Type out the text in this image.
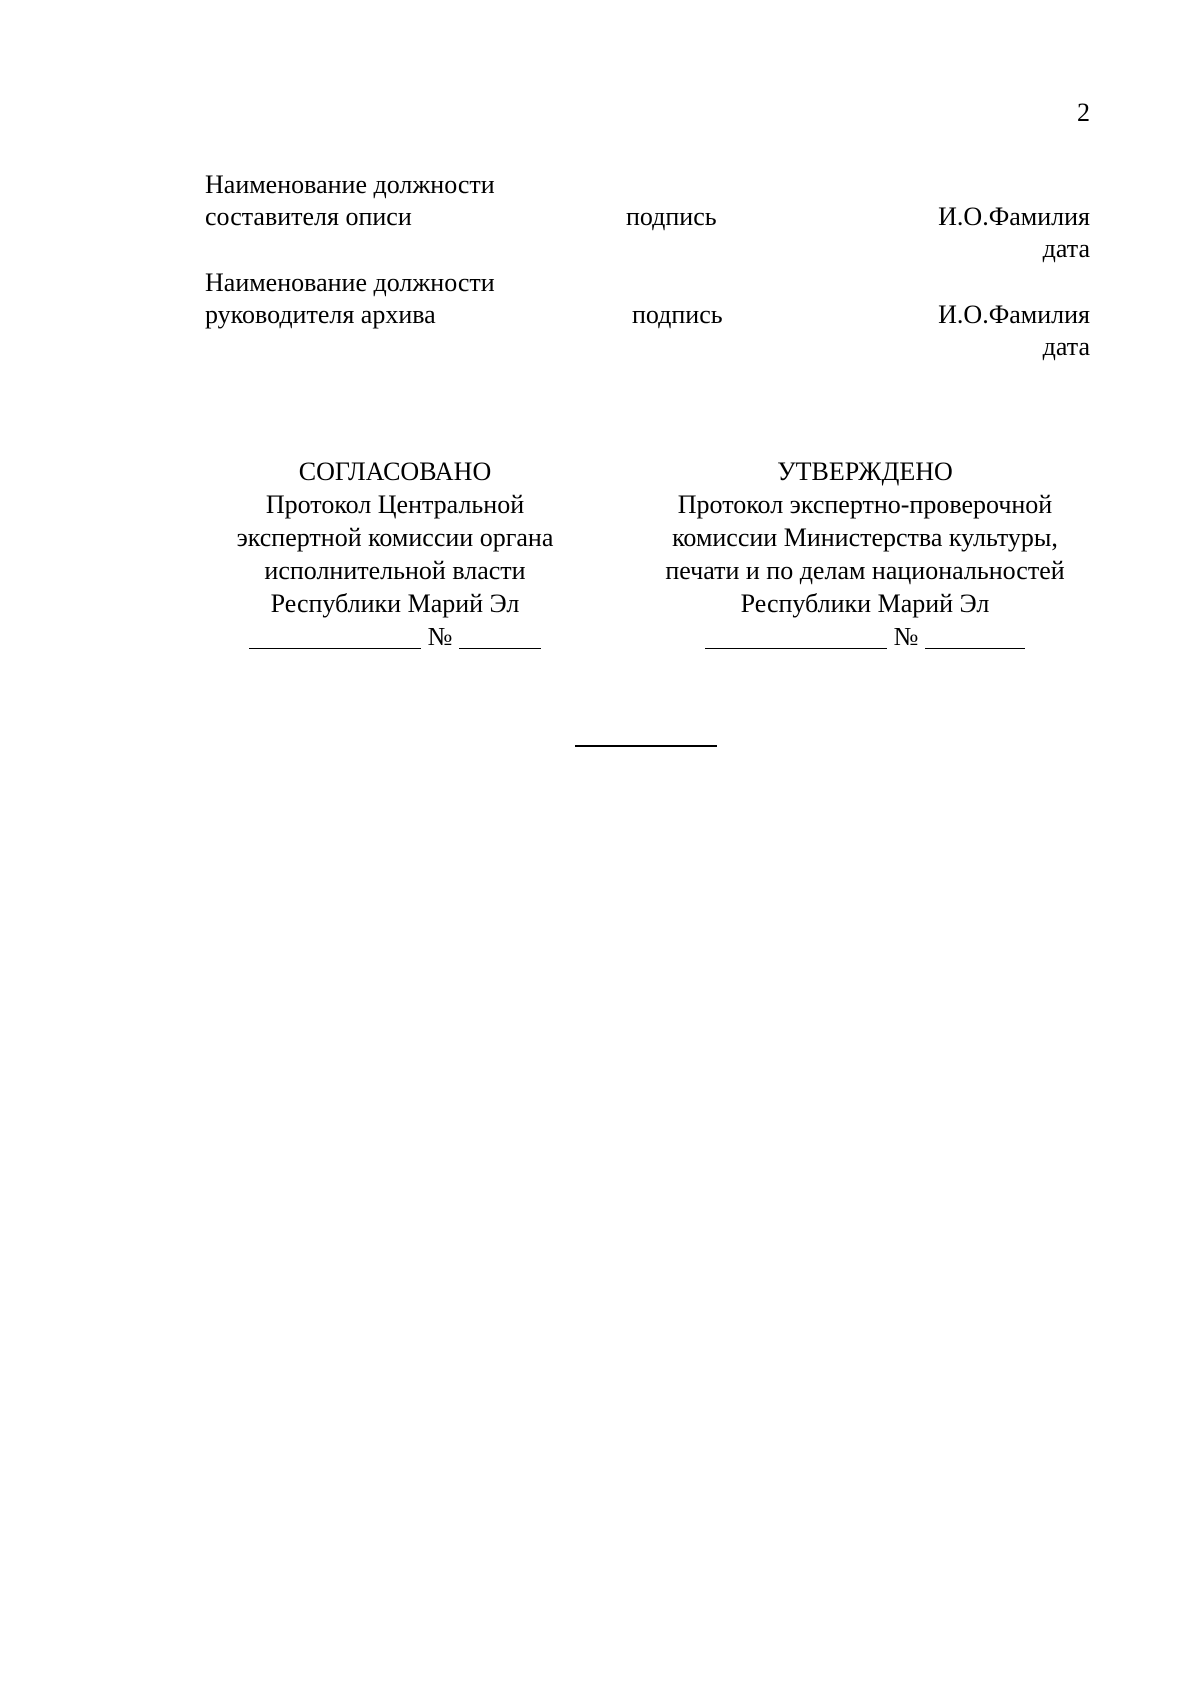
2
Наименование должности
составителя описи	подпись	И.О.Фамилия
дата
Наименование должности
руководителя архива	подпись	И.О.Фамилия
дата
СОГЛАСОВАНО
Протокол Центральной
экспертной комиссии органа
исполнительной власти
Республики Марий Эл
№
УТВЕРЖДЕНО
Протокол экспертно-проверочной
комиссии Министерства культуры,
печати и по делам национальностей
Республики Марий Эл
№
